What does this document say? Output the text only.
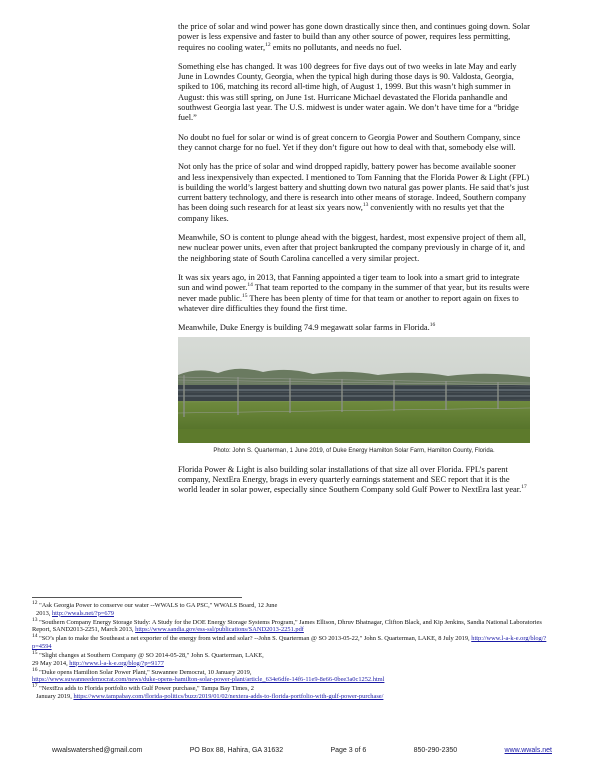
the price of solar and wind power has gone down drastically since then, and continues going down. Solar power is less expensive and faster to build than any other source of power, requires less permitting, requires no cooling water,$^{12}$ emits no pollutants, and needs no fuel.

Something else has changed. It was 100 degrees for five days out of two weeks in late May and early June in Lowndes County, Georgia, when the typical high during those days is 90. Valdosta, Georgia, spiked to 106, matching its record all-time high, of August 1, 1999. But this wasn’t high summer in August: this was still spring, on June 1st. Hurricane Michael devastated the Florida panhandle and southwest Georgia last year. The U.S. midwest is under water again. We don’t have time for a “bridge fuel.”

No doubt no fuel for solar or wind is of great concern to Georgia Power and Southern Company, since they cannot charge for no fuel. Yet if they don’t figure out how to deal with that, somebody else will.

Not only has the price of solar and wind dropped rapidly, battery power has become available sooner and less inexpensively than expected. I mentioned to Tom Fanning that the Florida Power & Light (FPL) is building the world’s largest battery and shutting down two natural gas power plants. He said that’s just current battery technology, and there is research into other means of storage. Indeed, Southern company has been doing such research for at least six years now,$^{13}$ conveniently with no results yet that the company likes.

Meanwhile, SO is content to plunge ahead with the biggest, hardest, most expensive project of them all, new nuclear power units, even after that project bankrupted the company previously in charge of it, and the neighboring state of South Carolina cancelled a very similar project.

It was six years ago, in 2013, that Fanning appointed a tiger team to look into a smart grid to integrate sun and wind power.$^{14}$ That team reported to the company in the summer of that year, but its results were never made public.$^{15}$ There has been plenty of time for that team or another to report again on fixes to whatever dire difficulties they found the first time.

Meanwhile, Duke Energy is building 74.9 megawatt solar farms in Florida.$^{16}$

Photo: John S. Quarterman, 1 June 2019, of Duke Energy Hamilton Solar Farm, Hamilton County, Florida.

Florida Power & Light is also building solar installations of that size all over Florida. FPL’s parent company, NextEra Energy, brags in every quarterly earnings statement and SEC report that it is the world leader in solar power, especially since Southern Company sold Gulf Power to NextEra last year.$^{17}$

$^{12}$ "Ask Georgia Power to conserve our water --WWALS to GA PSC," WWALS Board, 12 June
2013, http://wwals.net/?p=679
$^{13}$ "Southern Company Energy Storage Study: A Study for the DOE Energy Storage Systems Program," James Ellison, Dhruv Bhatnagar, Clifton Black, and Kip Jenkins, Sandia National Laboratories Report, SAND2013-2251, March 2013, https://www.sandia.gov/ess-ssl/publications/SAND2013-2251.pdf
$^{14}$ "SO’s plan to make the Southeast a net exporter of the energy from wind and solar? --John S. Quarterman @ SO 2013-05-22," John S. Quarterman, LAKE, 8 July 2019, http://www.l-a-k-e.org/blog/?p=4594
$^{15}$ "Slight changes at Southern Company @ SO 2014-05-28," John S. Quarterman, LAKE,
29 May 2014, http://www.l-a-k-e.org/blog/?p=9177
$^{16}$ "Duke opens Hamilton Solar Power Plant," Suwannee Democrat, 10 January 2019,
https://www.suwanneedemocrat.com/news/duke-opens-hamilton-solar-power-plant/article_634e6dfe-14f6-11e9-8e66-0bee3a0c1252.html
$^{17}$ "NextEra adds to Florida portfolio with Gulf Power purchase," Tampa Bay Times, 2
January 2019, https://www.tampabay.com/florida-politics/buzz/2019/01/02/nextera-adds-to-florida-portfolio-with-gulf-power-purchase/
wwalswatershed@gmail.com	PO Box 88, Hahira, GA 31632	Page 3 of 6	850-290-2350	www.wwals.net
